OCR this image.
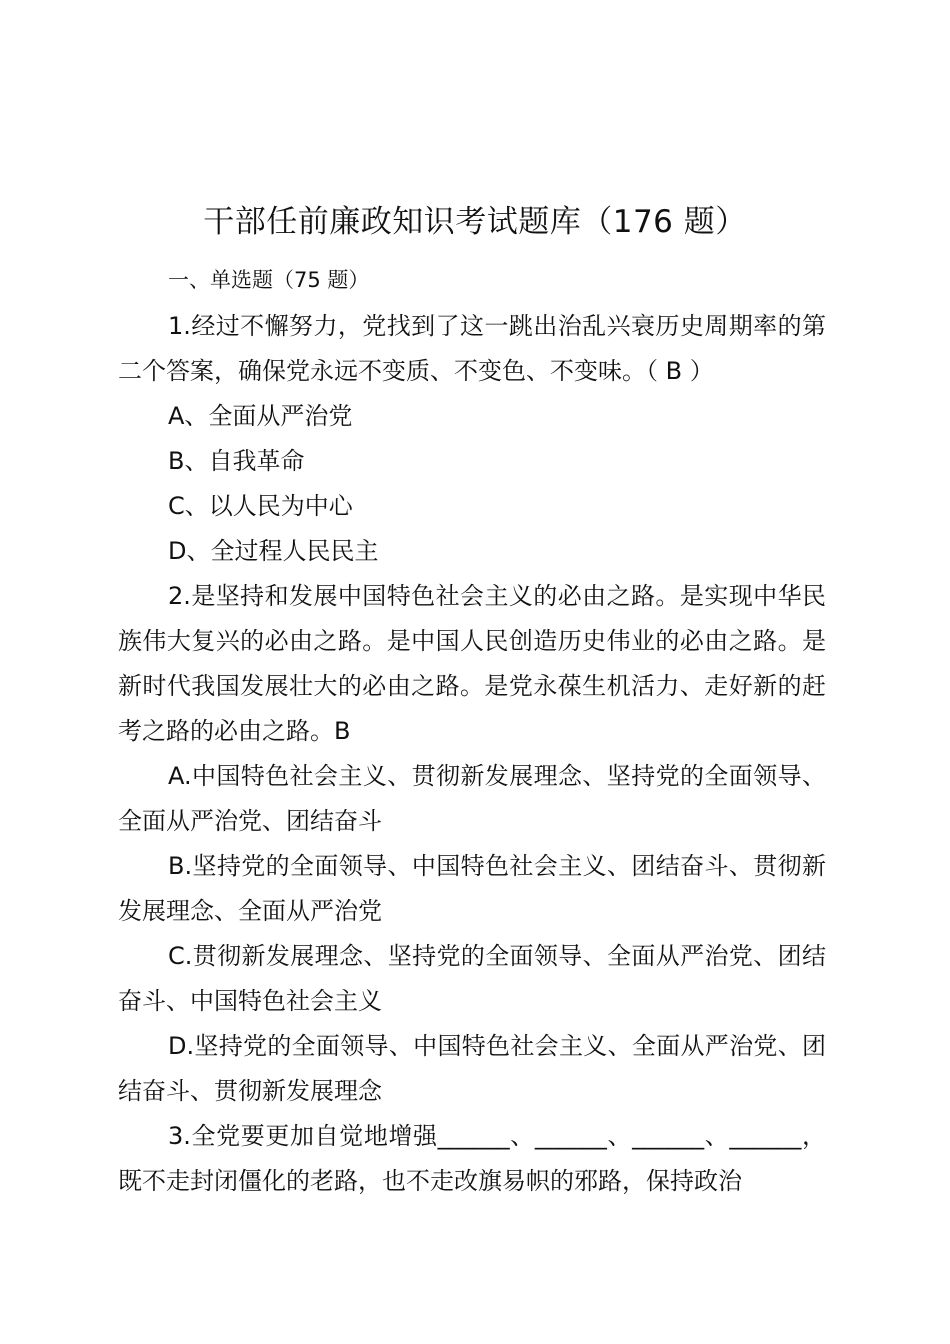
干部任前廉政知识考试题库（176 题）
一、单选题（75 题）

1.经过不懈努力，党找到了这一跳出治乱兴衰历史周期率的第二个答案，确保党永远不变质、不变色、不变味。（ B ）

A、全面从严治党

B、自我革命

C、以人民为中心

D、全过程人民民主

2.是坚持和发展中国特色社会主义的必由之路。是实现中华民族伟大复兴的必由之路。是中国人民创造历史伟业的必由之路。是新时代我国发展壮大的必由之路。是党永葆生机活力、走好新的赶考之路的必由之路。B

A.中国特色社会主义、贯彻新发展理念、坚持党的全面领导、全面从严治党、团结奋斗

B.坚持党的全面领导、中国特色社会主义、团结奋斗、贯彻新发展理念、全面从严治党

C.贯彻新发展理念、坚持党的全面领导、全面从严治党、团结奋斗、中国特色社会主义

D.坚持党的全面领导、中国特色社会主义、全面从严治党、团结奋斗、贯彻新发展理念

3.全党要更加自觉地增强______、______、______、______，既不走封闭僵化的老路，也不走改旗易帜的邪路，保持政治
